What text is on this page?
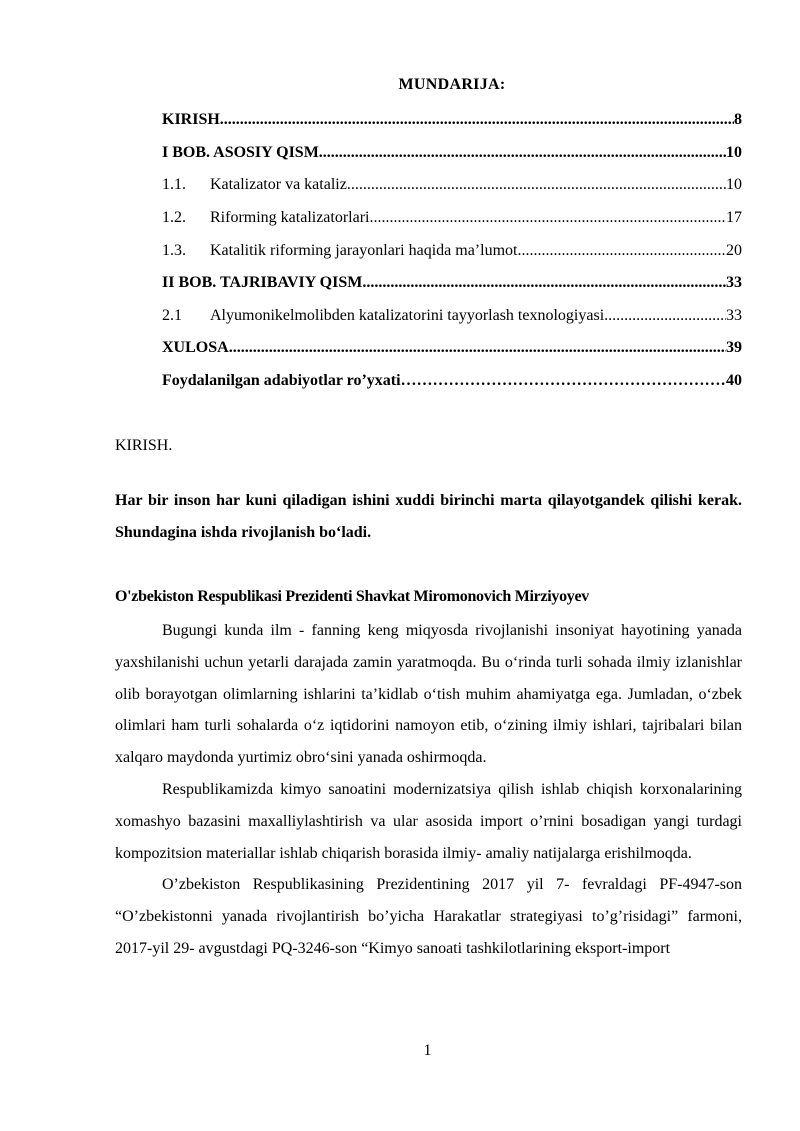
MUNDARIJA:
KIRISH .....	8
I BOB. ASOSIY QISM .....	10
1.1.	Katalizator va kataliz .....	10
1.2.	Riforming katalizatorlari .....	17
1.3.	Katalitik riforming jarayonlari haqida ma’lumot .....	20
II BOB. TAJRIBAVIY QISM .....	33
2.1	Alyumonikelmolibden katalizatorini tayyorlash texnologiyasi .....	33
XULOSA .....	39
Foydalanilgan adabiyotlar ro’yxati ……………………………………………………………………………………………………………………………	40
KIRISH.
Har bir inson har kuni qiladigan ishini xuddi birinchi marta qilayotgandek qilishi kerak. Shundagina ishda rivojlanish bo‘ladi.
O'zbekiston Respublikasi Prezidenti Shavkat Miromonovich Mirziyoyev

Bugungi kunda ilm - fanning keng miqyosda rivojlanishi insoniyat hayotining yanada yaxshilanishi uchun yetarli darajada zamin yaratmoqda. Bu o‘rinda turli sohada ilmiy izlanishlar olib borayotgan olimlarning ishlarini ta’kidlab o‘tish muhim ahamiyatga ega. Jumladan, o‘zbek olimlari ham turli sohalarda o‘z iqtidorini namoyon etib, o‘zining ilmiy ishlari, tajribalari bilan xalqaro maydonda yurtimiz obro‘sini yanada oshirmoqda.

Respublikamizda kimyo sanoatini modernizatsiya qilish ishlab chiqish korxonalarining xomashyo bazasini maxalliylashtirish va ular asosida import o’rnini bosadigan yangi turdagi kompozitsion materiallar ishlab chiqarish borasida ilmiy- amaliy natijalarga erishilmoqda.

O’zbekiston Respublikasining Prezidentining 2017 yil 7- fevraldagi PF-4947-son “O’zbekistonni yanada rivojlantirish bo’yicha Harakatlar strategiyasi to’g’risidagi” farmoni, 2017-yil 29- avgustdagi PQ-3246-son “Kimyo sanoati tashkilotlarining eksport-import

1
